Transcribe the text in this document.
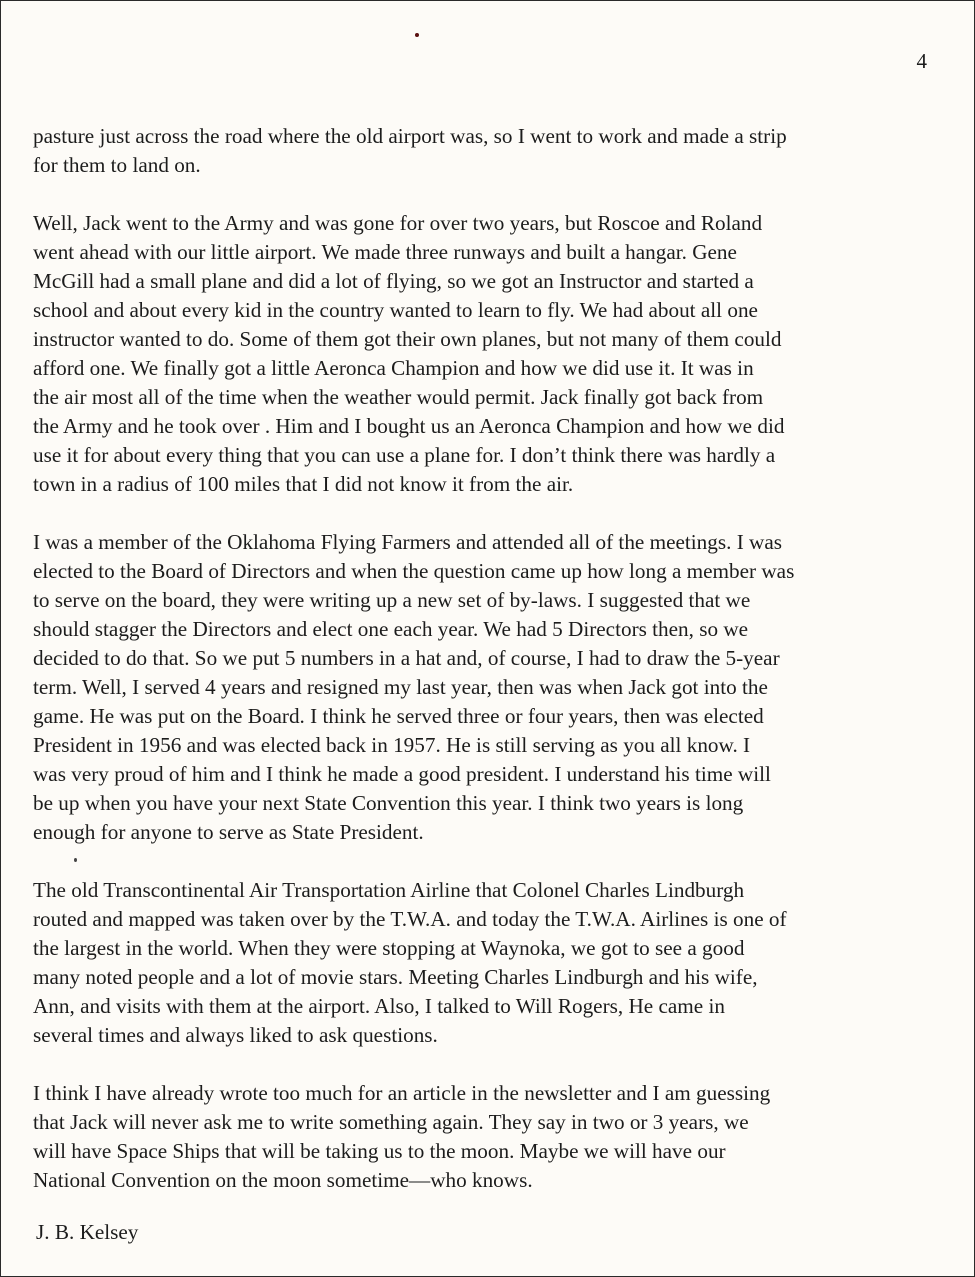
4

pasture just across the road where the old airport was, so I went to work and made a strip
for them to land on.

Well, Jack went to the Army and was gone for over two years, but Roscoe and Roland
went ahead with our little airport. We made three runways and built a hangar. Gene
McGill had a small plane and did a lot of flying, so we got an Instructor and started a
school and about every kid in the country wanted to learn to fly. We had about all one
instructor wanted to do. Some of them got their own planes, but not many of them could
afford one. We finally got a little Aeronca Champion and how we did use it. It was in
the air most all of the time when the weather would permit. Jack finally got back from
the Army and he took over . Him and I bought us an Aeronca Champion and how we did
use it for about every thing that you can use a plane for. I don’t think there was hardly a
town in a radius of 100 miles that I did not know it from the air.

I was a member of the Oklahoma Flying Farmers and attended all of the meetings. I was
elected to the Board of Directors and when the question came up how long a member was
to serve on the board, they were writing up a new set of by-laws. I suggested that we
should stagger the Directors and elect one each year. We had 5 Directors then, so we
decided to do that. So we put 5 numbers in a hat and, of course, I had to draw the 5-year
term. Well, I served 4 years and resigned my last year, then was when Jack got into the
game. He was put on the Board. I think he served three or four years, then was elected
President in 1956 and was elected back in 1957. He is still serving as you all know. I
was very proud of him and I think he made a good president. I understand his time will
be up when you have your next State Convention this year. I think two years is long
enough for anyone to serve as State President.

The old Transcontinental Air Transportation Airline that Colonel Charles Lindburgh
routed and mapped was taken over by the T.W.A. and today the T.W.A. Airlines is one of
the largest in the world. When they were stopping at Waynoka, we got to see a good
many noted people and a lot of movie stars. Meeting Charles Lindburgh and his wife,
Ann, and visits with them at the airport. Also, I talked to Will Rogers, He came in
several times and always liked to ask questions.

I think I have already wrote too much for an article in the newsletter and I am guessing
that Jack will never ask me to write something again. They say in two or 3 years, we
will have Space Ships that will be taking us to the moon. Maybe we will have our
National Convention on the moon sometime—who knows.

J. B. Kelsey
